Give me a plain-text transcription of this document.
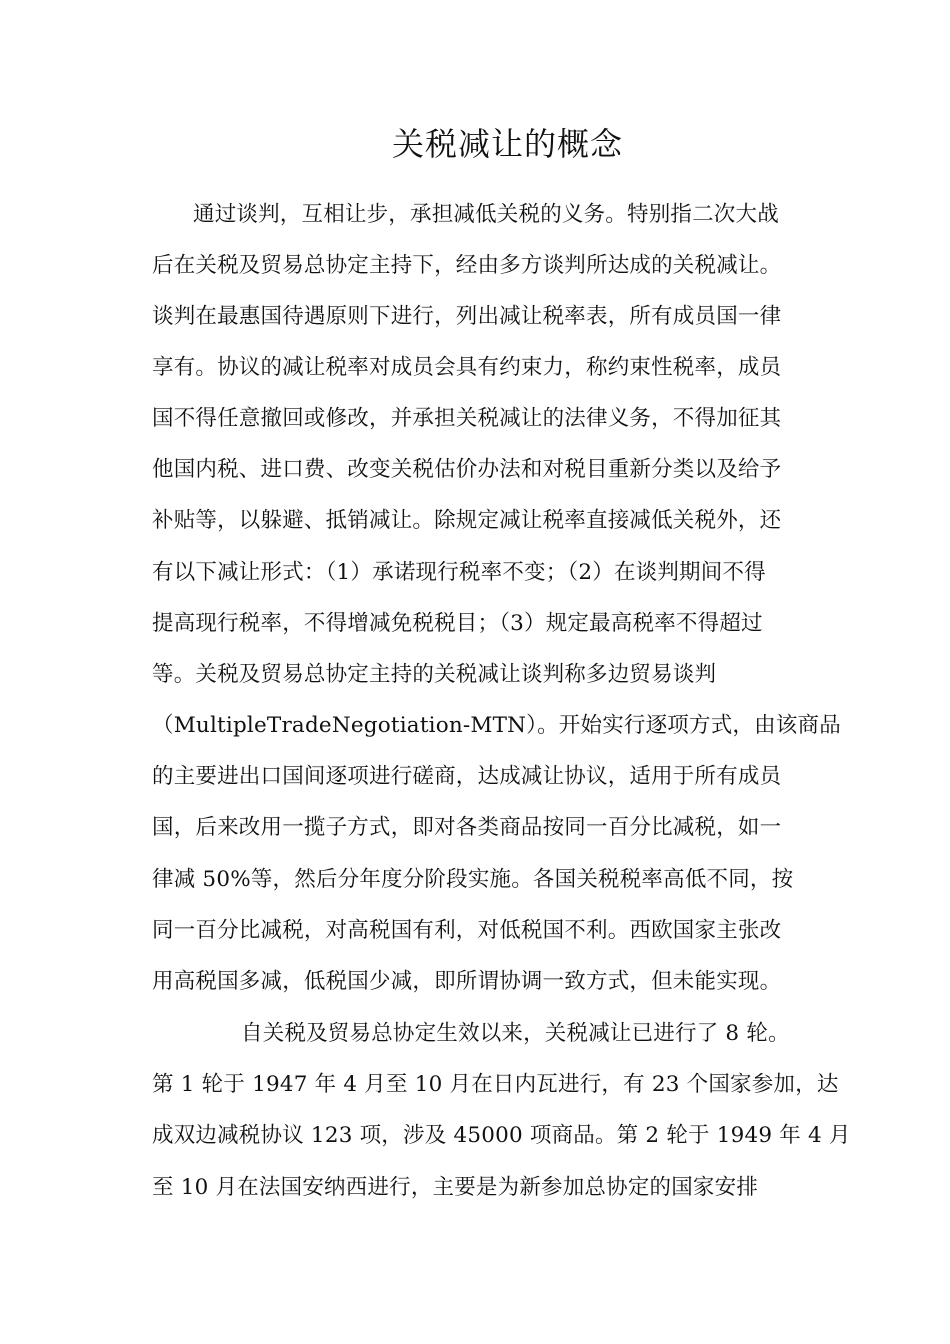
关税减让的概念
通过谈判，互相让步，承担减低关税的义务。特别指二次大战
后在关税及贸易总协定主持下，经由多方谈判所达成的关税减让。
谈判在最惠国待遇原则下进行，列出减让税率表，所有成员国一律
享有。协议的减让税率对成员会具有约束力，称约束性税率，成员
国不得任意撤回或修改，并承担关税减让的法律义务，不得加征其
他国内税、进口费、改变关税估价办法和对税目重新分类以及给予
补贴等，以躲避、抵销减让。除规定减让税率直接减低关税外，还
有以下减让形式：（1）承诺现行税率不变；（2）在谈判期间不得
提高现行税率，不得增减免税税目；（3）规定最高税率不得超过
等。关税及贸易总协定主持的关税减让谈判称多边贸易谈判
（MultipleTradeNegotiation-MTN）。开始实行逐项方式，由该商品
的主要进出口国间逐项进行磋商，达成减让协议，适用于所有成员
国，后来改用一揽子方式，即对各类商品按同一百分比减税，如一
律减 50%等，然后分年度分阶段实施。各国关税税率高低不同，按
同一百分比减税，对高税国有利，对低税国不利。西欧国家主张改
用高税国多减，低税国少减，即所谓协调一致方式，但未能实现。
自关税及贸易总协定生效以来，关税减让已进行了 8 轮。
第 1 轮于 1947 年 4 月至 10 月在日内瓦进行，有 23 个国家参加，达
成双边减税协议 123 项，涉及 45000 项商品。第 2 轮于 1949 年 4 月
至 10 月在法国安纳西进行，主要是为新参加总协定的国家安排
